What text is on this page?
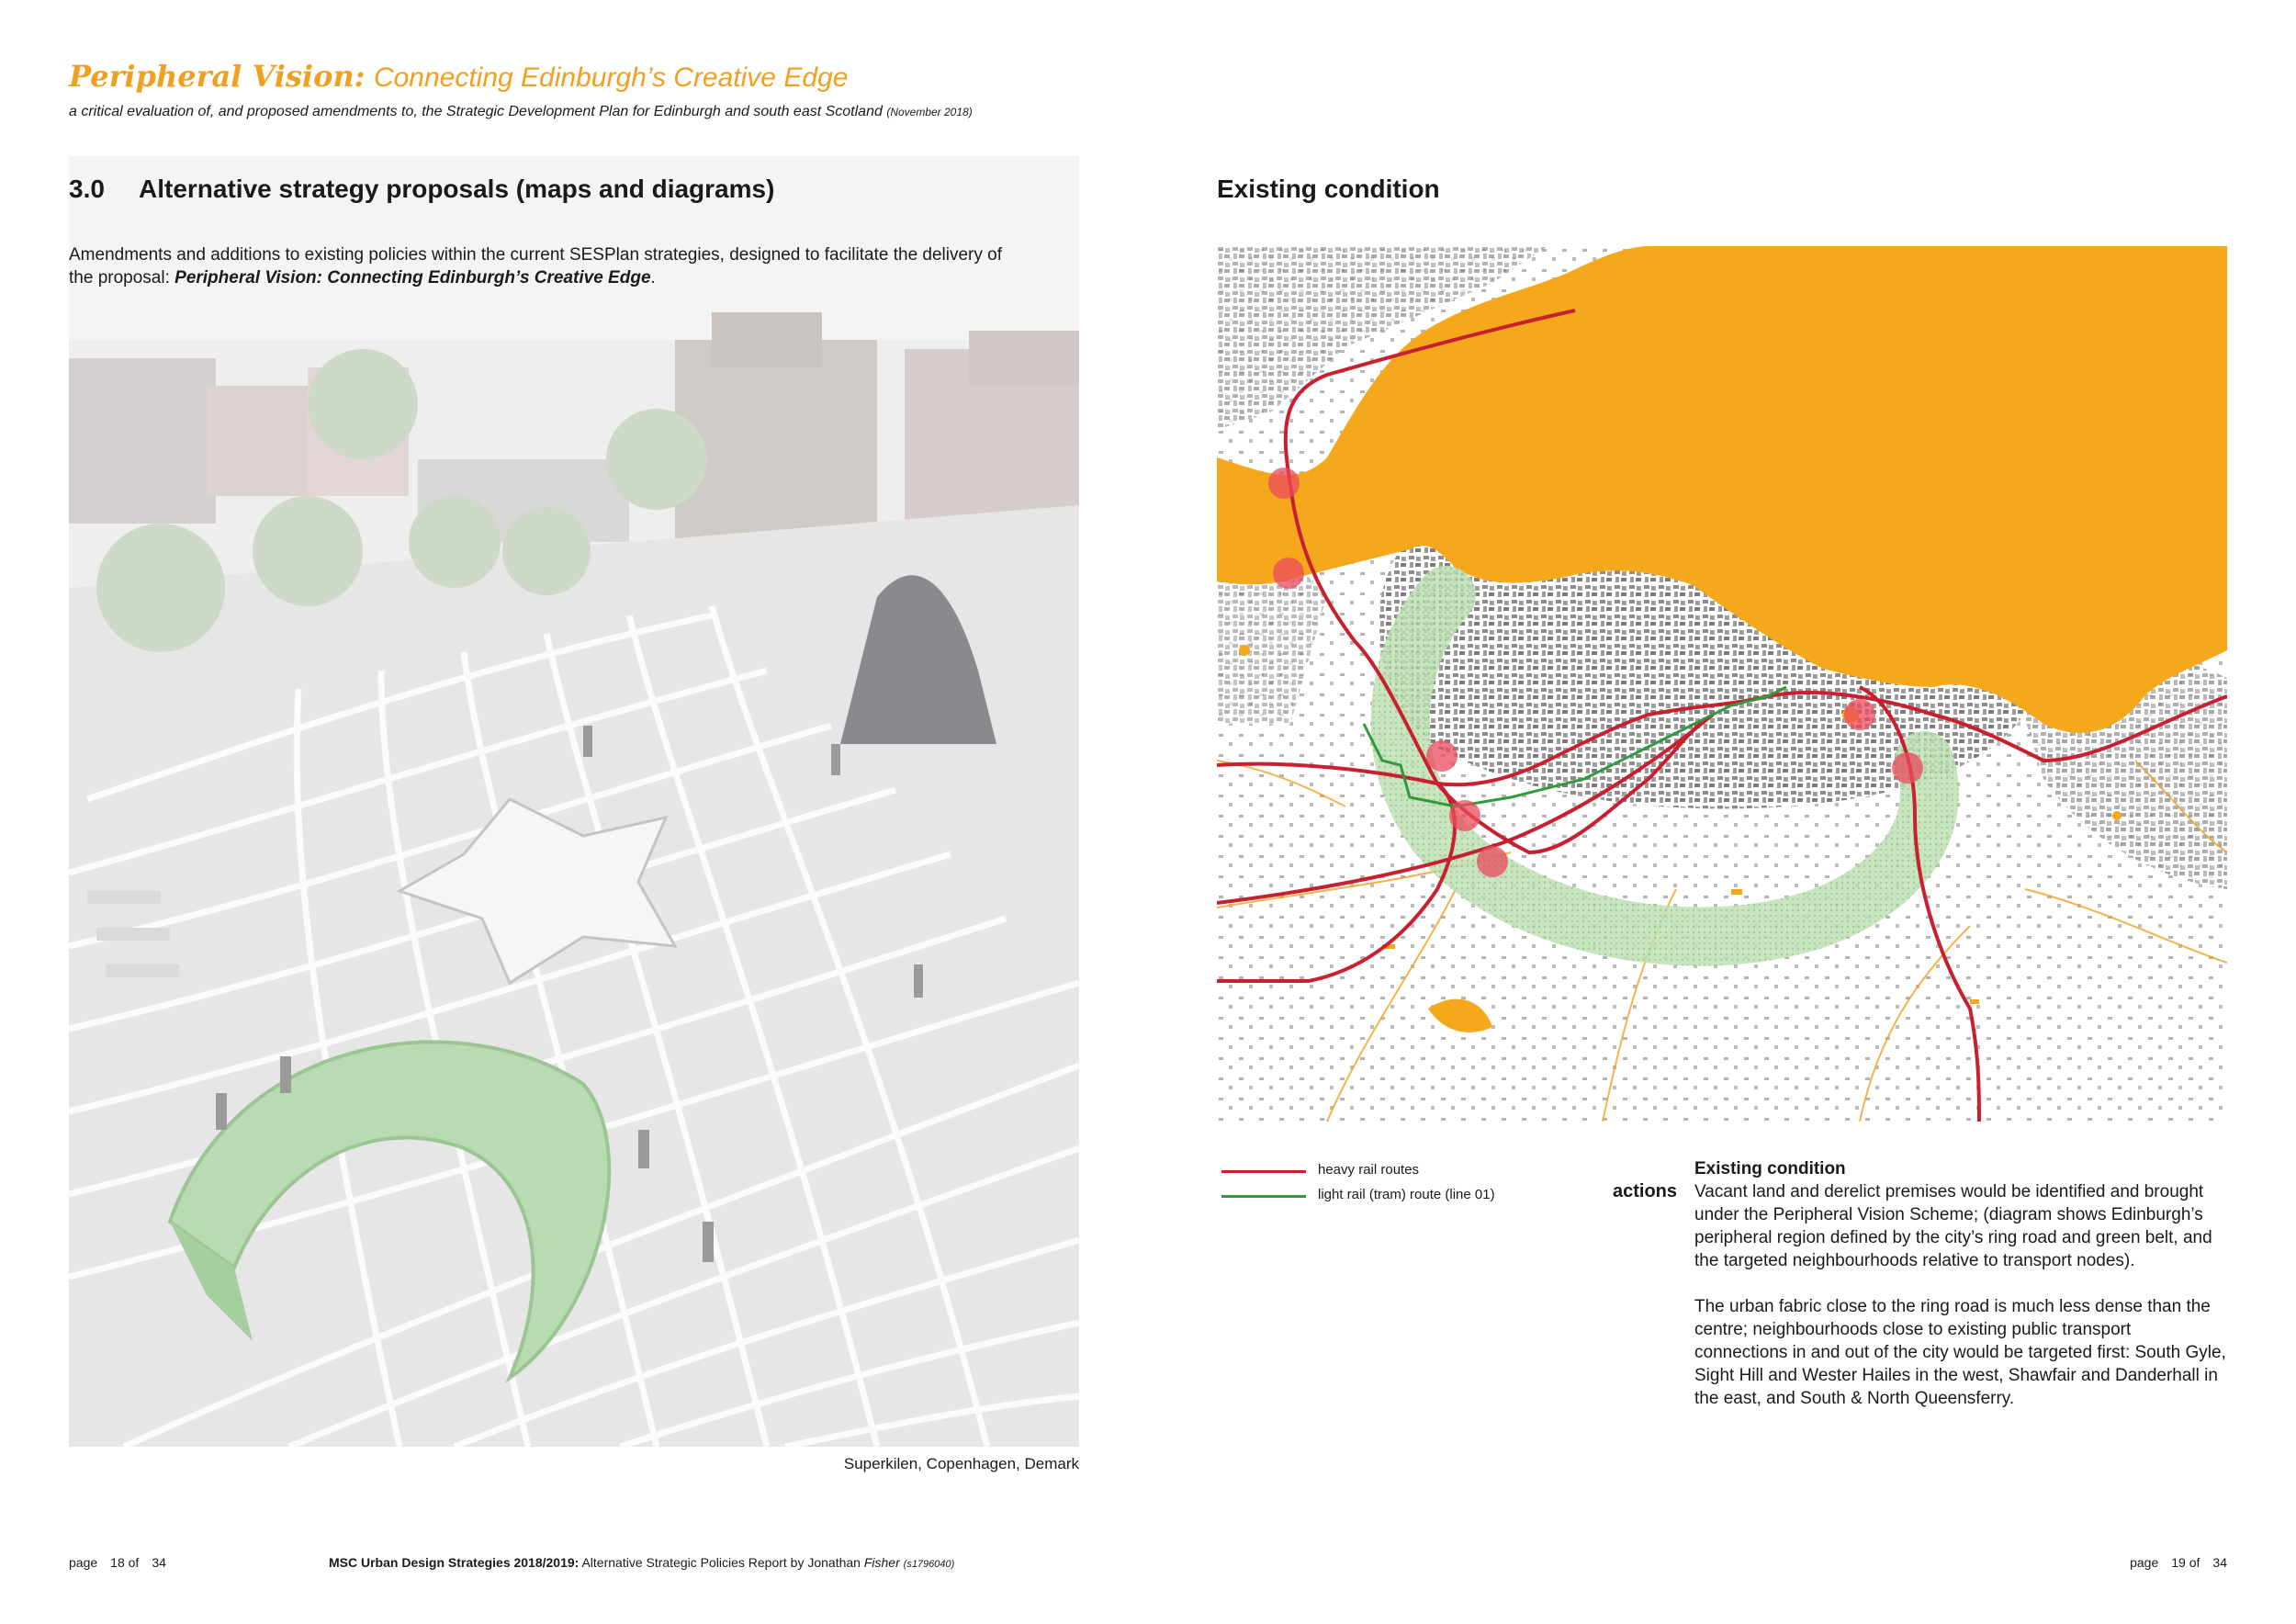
Peripheral Vision: Connecting Edinburgh’s Creative Edge
a critical evaluation of, and proposed amendments to, the Strategic Development Plan for Edinburgh and south east Scotland (November 2018)
3.0 Alternative strategy proposals (maps and diagrams)
Amendments and additions to existing policies within the current SESPlan strategies, designed to facilitate the delivery of the proposal: Peripheral Vision: Connecting Edinburgh’s Creative Edge.
Superkilen, Copenhagen, Demark
Existing condition
heavy rail routes
light rail (tram) route (line 01)	actions
Existing condition

Vacant land and derelict premises would be identified and brought under the Peripheral Vision Scheme; (diagram shows Edinburgh’s peripheral region defined by the city’s ring road and green belt, and the targeted neighbourhoods relative to transport nodes).

The urban fabric close to the ring road is much less dense than the centre; neighbourhoods close to existing public transport connections in and out of the city would be targeted first: South Gyle, Sight Hill and Wester Hailes in the west, Shawfair and Danderhall in the east, and South & North Queensferry.

page 18 of 34	MSC Urban Design Strategies 2018/2019: Alternative Strategic Policies Report by Jonathan Fisher (s1796040)	page 19 of 34
